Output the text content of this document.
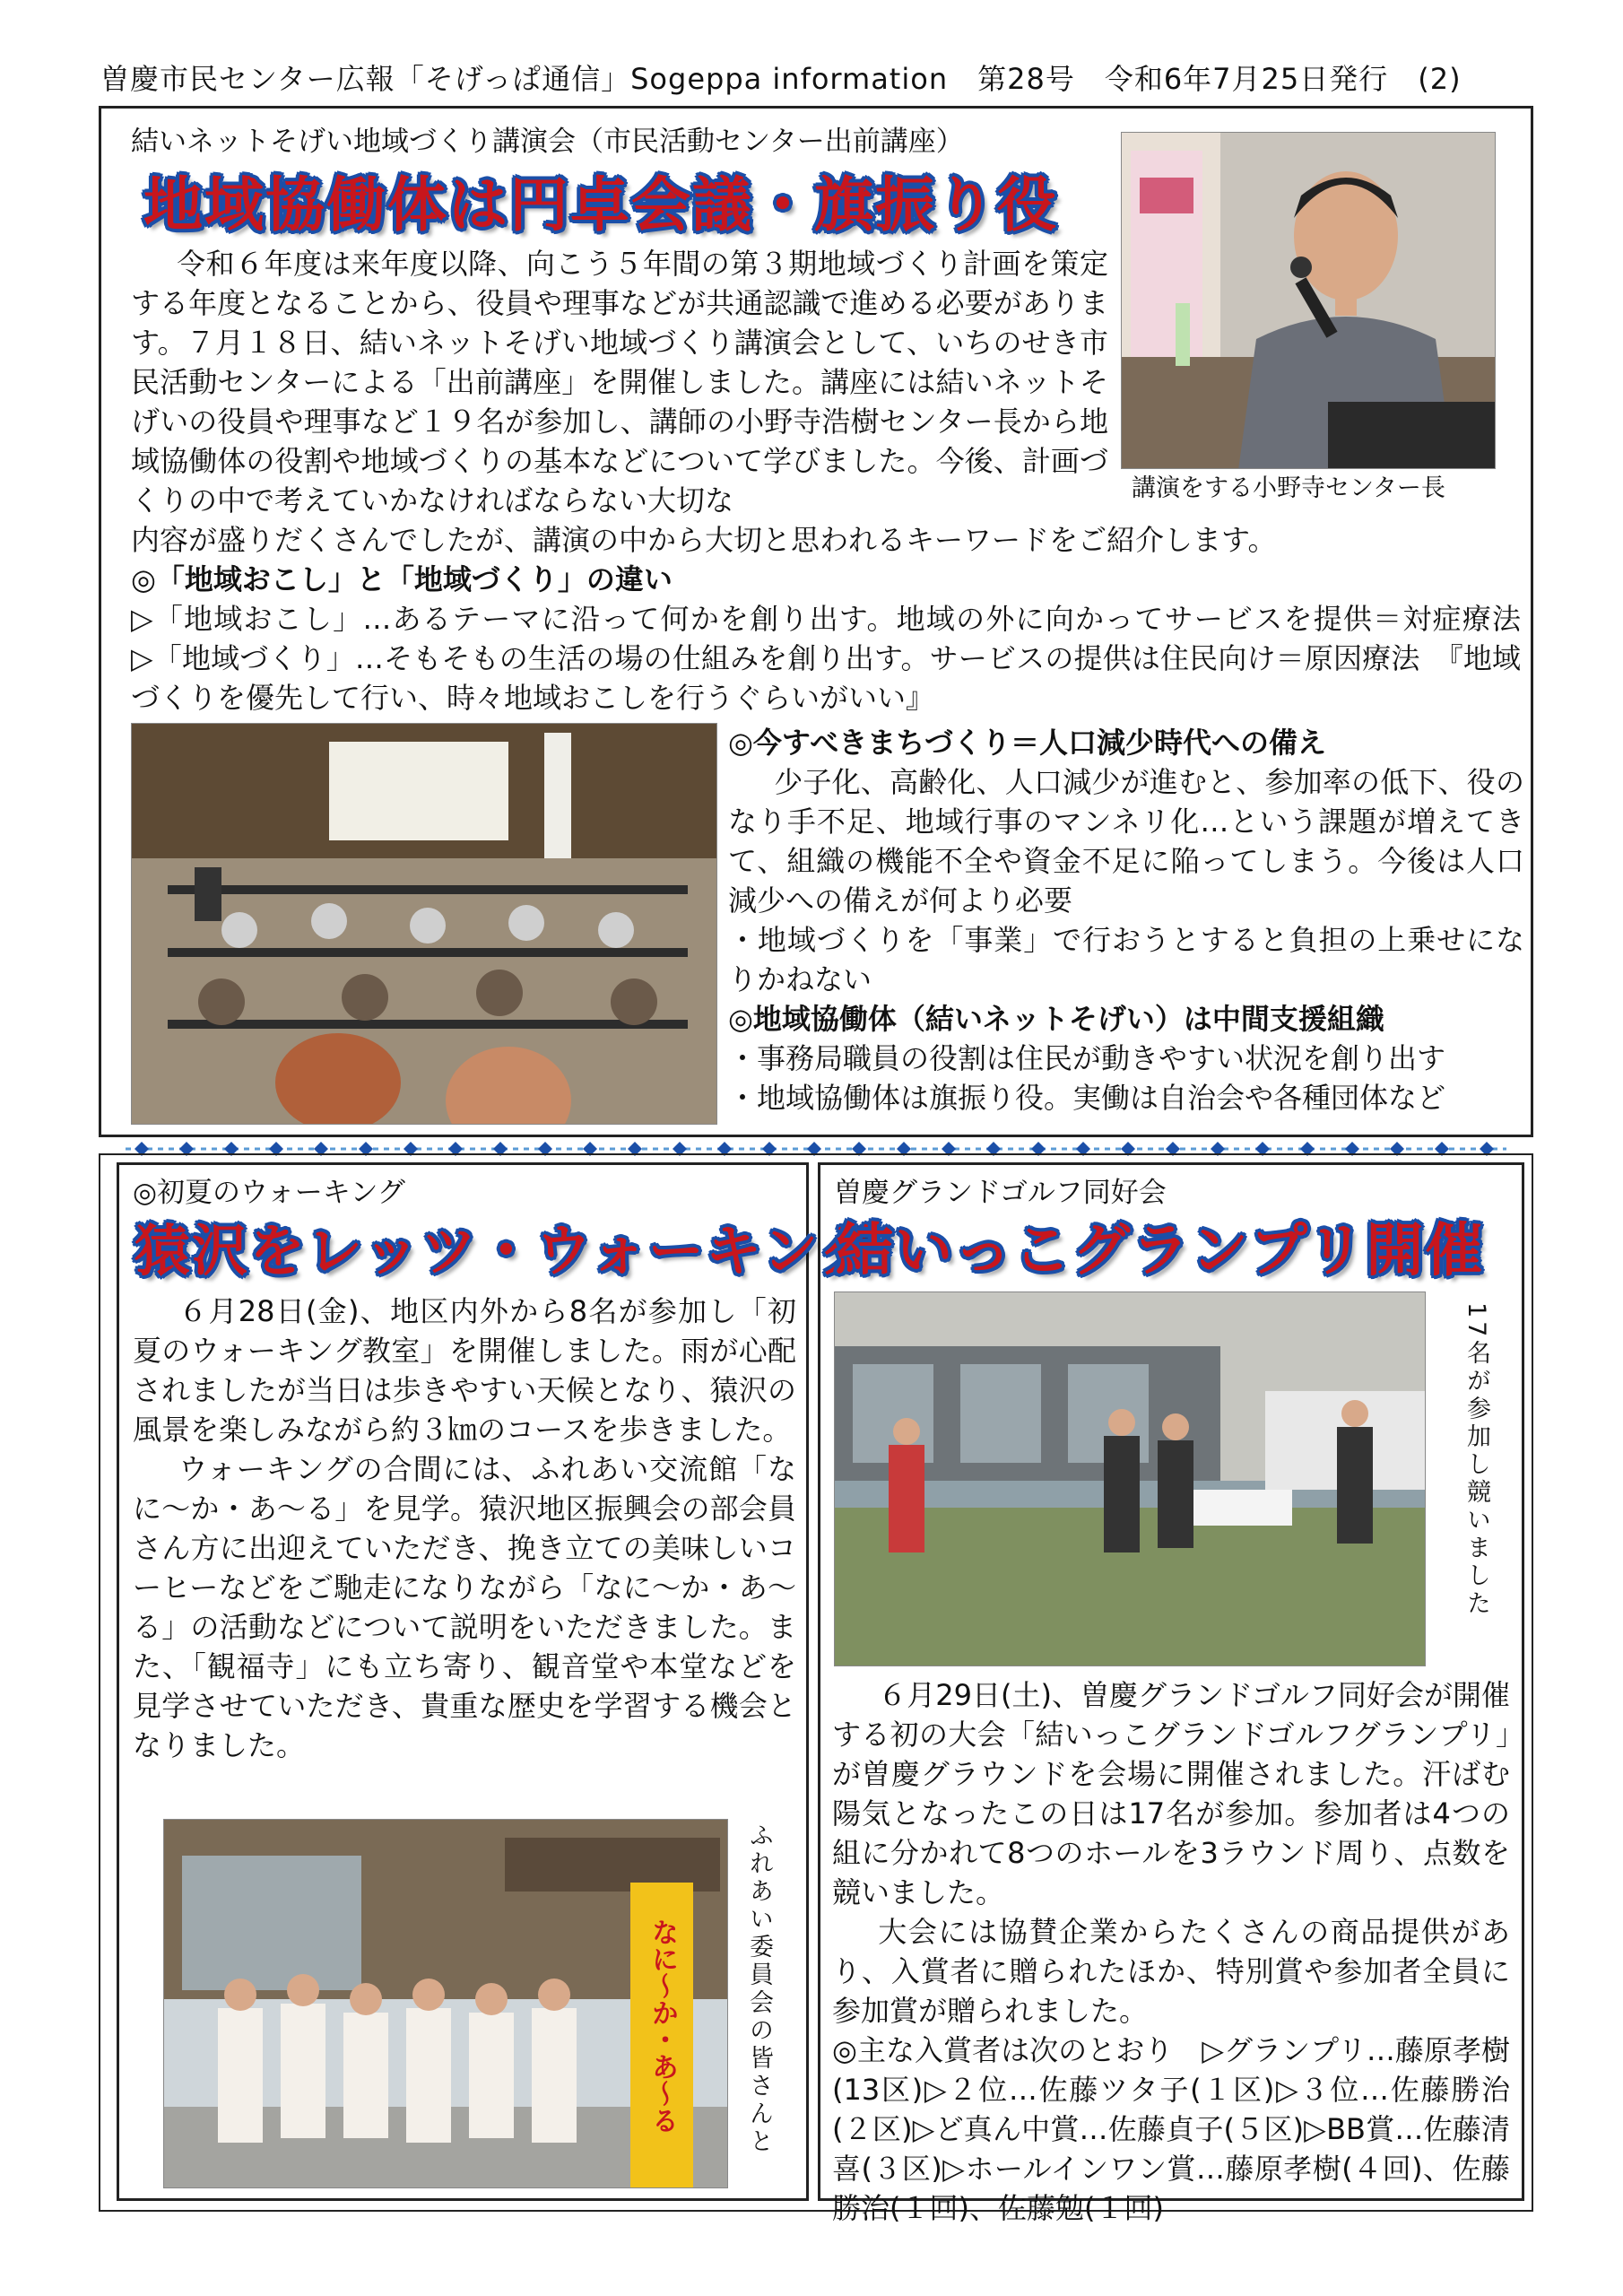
曽慶市民センター広報「そげっぱ通信」Sogeppa information　第28号　令和6年7月25日発行　(2)
結いネットそげい地域づくり講演会（市民活動センター出前講座）
地域協働体は円卓会議・旗振り役
講演をする小野寺センター長

令和６年度は来年度以降、向こう５年間の第３期地域づくり計画を策定する年度となることから、役員や理事などが共通認識で進める必要があります。７月１８日、結いネットそげい地域づくり講演会として、いちのせき市民活動センターによる「出前講座」を開催しました。講座には結いネットそげいの役員や理事など１９名が参加し、講師の小野寺浩樹センター長から地域協働体の役割や地域づくりの基本などについて学びました。今後、計画づくりの中で考えていかなければならない大切な

内容が盛りだくさんでしたが、講演の中から大切と思われるキーワードをご紹介します。

◎「地域おこし」と「地域づくり」の違い

▷「地域おこし」…あるテーマに沿って何かを創り出す。地域の外に向かってサービスを提供＝対症療法　▷「地域づくり」…そもそもの生活の場の仕組みを創り出す。サービスの提供は住民向け＝原因療法　『地域づくりを優先して行い、時々地域おこしを行うぐらいがいい』

◎今すべきまちづくり＝人口減少時代への備え

少子化、高齢化、人口減少が進むと、参加率の低下、役のなり手不足、地域行事のマンネリ化…という課題が増えてきて、組織の機能不全や資金不足に陥ってしまう。今後は人口減少への備えが何より必要

・地域づくりを「事業」で行おうとすると負担の上乗せになりかねない

◎地域協働体（結いネットそげい）は中間支援組織

・事務局職員の役割は住民が動きやすい状況を創り出す

・地域協働体は旗振り役。実働は自治会や各種団体など

◎初夏のウォーキング
猿沢をレッツ・ウォーキング

６月28日(金)、地区内外から8名が参加し「初夏のウォーキング教室」を開催しました。雨が心配されましたが当日は歩きやすい天候となり、猿沢の風景を楽しみながら約３㎞のコースを歩きました。

ウォーキングの合間には、ふれあい交流館「なに～か・あ～る」を見学。猿沢地区振興会の部会員さん方に出迎えていただき、挽き立ての美味しいコーヒーなどをご馳走になりながら「なに～か・あ～る」の活動などについて説明をいただきました。また、「観福寺」にも立ち寄り、観音堂や本堂などを見学させていただき、貴重な歴史を学習する機会となりました。

なに～か・あ～る	ふれあい委員会の皆さんと
曽慶グランドゴルフ同好会
結いっこグランプリ開催
17名が参加し競いました

６月29日(土)、曽慶グランドゴルフ同好会が開催する初の大会「結いっこグランドゴルフグランプリ」が曽慶グラウンドを会場に開催されました。汗ばむ陽気となったこの日は17名が参加。参加者は4つの組に分かれて8つのホールを3ラウンド周り、点数を競いました。

大会には協賛企業からたくさんの商品提供があり、入賞者に贈られたほか、特別賞や参加者全員に参加賞が贈られました。

◎主な入賞者は次のとおり　▷グランプリ…藤原孝樹(13区)▷２位…佐藤ツタ子(１区)▷３位…佐藤勝治(２区)▷ど真ん中賞…佐藤貞子(５区)▷BB賞…佐藤清喜(３区)▷ホールインワン賞…藤原孝樹(４回)、佐藤勝治(１回)、佐藤勉(１回)
